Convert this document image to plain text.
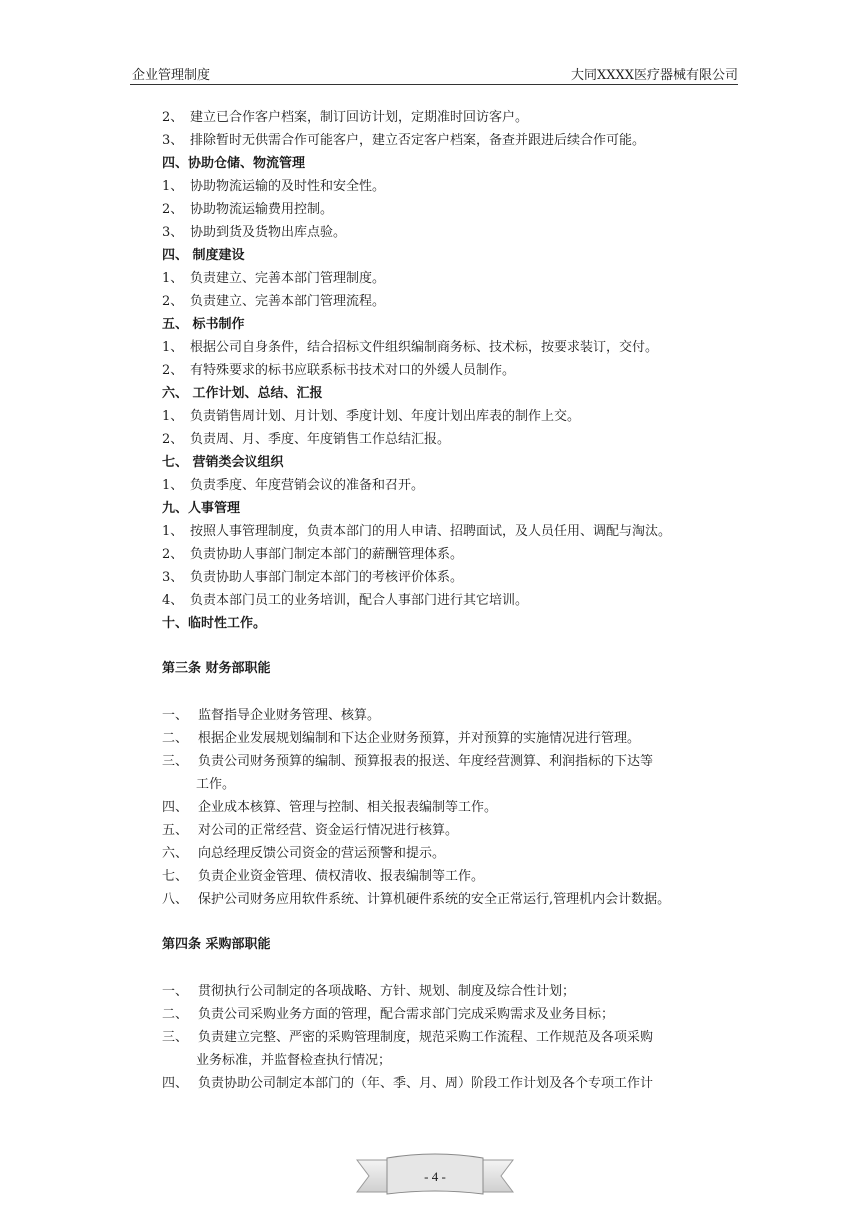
企业管理制度	大同XXXX医疗器械有限公司
2、 建立已合作客户档案，制订回访计划，定期准时回访客户。
3、 排除暂时无供需合作可能客户，建立否定客户档案，备查并跟进后续合作可能。
四、协助仓储、物流管理
1、 协助物流运输的及时性和安全性。
2、 协助物流运输费用控制。
3、 协助到货及货物出库点验。
四、 制度建设
1、 负责建立、完善本部门管理制度。
2、 负责建立、完善本部门管理流程。
五、 标书制作
1、 根据公司自身条件，结合招标文件组织编制商务标、技术标，按要求装订，交付。
2、 有特殊要求的标书应联系标书技术对口的外缓人员制作。
六、 工作计划、总结、汇报
1、 负责销售周计划、月计划、季度计划、年度计划出库表的制作上交。
2、 负责周、月、季度、年度销售工作总结汇报。
七、 营销类会议组织
1、 负责季度、年度营销会议的准备和召开。
九、人事管理
1、 按照人事管理制度，负责本部门的用人申请、招聘面试，及人员任用、调配与淘汰。
2、 负责协助人事部门制定本部门的薪酬管理体系。
3、 负责协助人事部门制定本部门的考核评价体系。
4、 负责本部门员工的业务培训，配合人事部门进行其它培训。
十、临时性工作。
第三条 财务部职能
一、 监督指导企业财务管理、核算。
二、 根据企业发展规划编制和下达企业财务预算，并对预算的实施情况进行管理。
三、 负责公司财务预算的编制、预算报表的报送、年度经营测算、利润指标的下达等
工作。
四、 企业成本核算、管理与控制、相关报表编制等工作。
五、 对公司的正常经营、资金运行情况进行核算。
六、 向总经理反馈公司资金的营运预警和提示。
七、 负责企业资金管理、债权清收、报表编制等工作。
八、 保护公司财务应用软件系统、计算机硬件系统的安全正常运行,管理机内会计数据。
第四条 采购部职能
一、 贯彻执行公司制定的各项战略、方针、规划、制度及综合性计划；
二、 负责公司采购业务方面的管理，配合需求部门完成采购需求及业务目标；
三、 负责建立完整、严密的采购管理制度，规范采购工作流程、工作规范及各项采购
业务标准，并监督检查执行情况；
四、 负责协助公司制定本部门的（年、季、月、周）阶段工作计划及各个专项工作计
- 4 -
